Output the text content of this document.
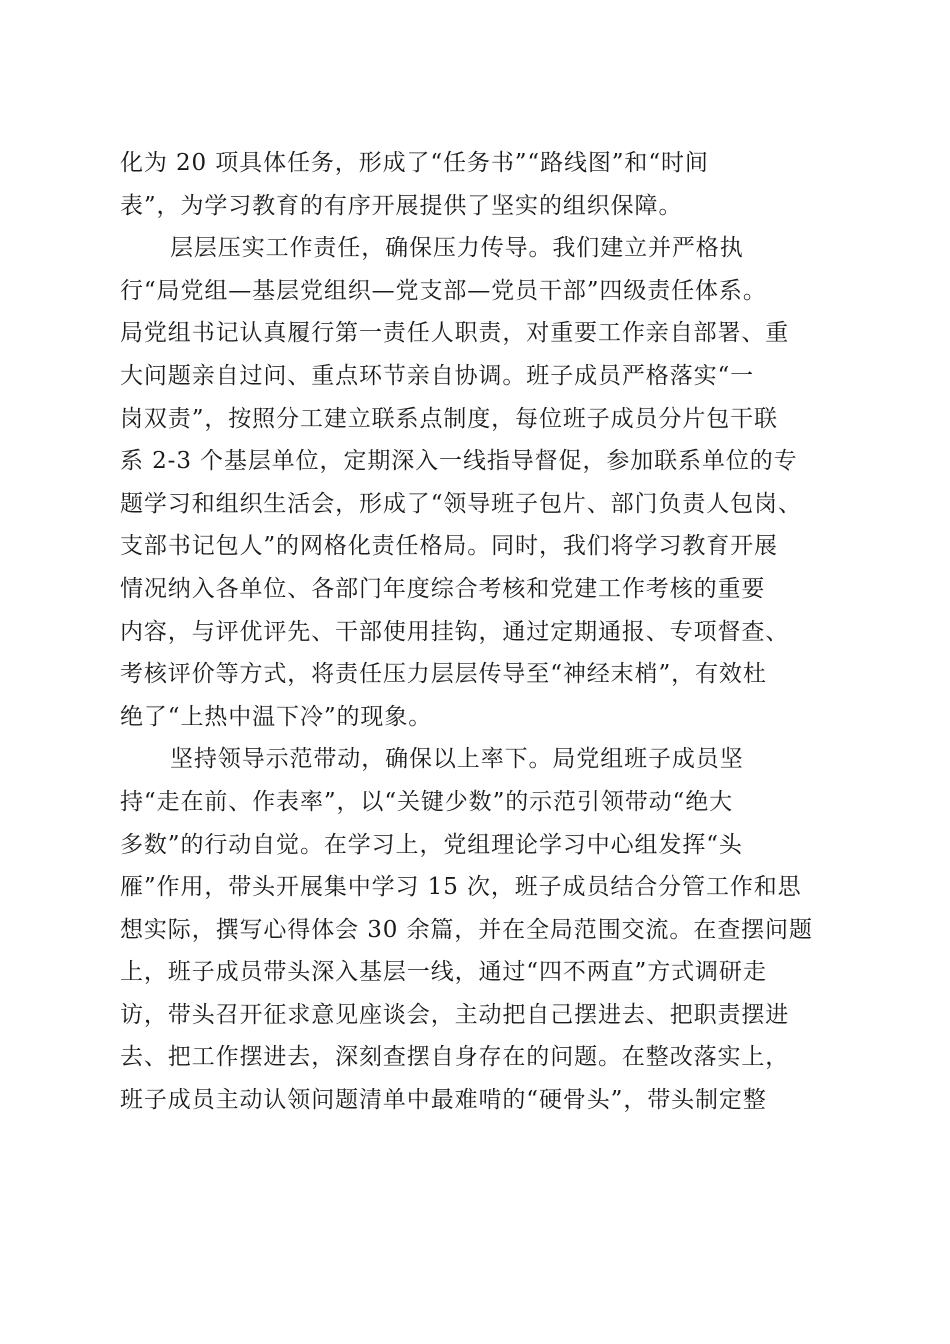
化为 20 项具体任务，形成了“任务书”“路线图”和“时间
表”，为学习教育的有序开展提供了坚实的组织保障。
层层压实工作责任，确保压力传导。我们建立并严格执
行“局党组—基层党组织—党支部—党员干部”四级责任体系。
局党组书记认真履行第一责任人职责，对重要工作亲自部署、重
大问题亲自过问、重点环节亲自协调。班子成员严格落实“一
岗双责”，按照分工建立联系点制度，每位班子成员分片包干联
系 2-3 个基层单位，定期深入一线指导督促，参加联系单位的专
题学习和组织生活会，形成了“领导班子包片、部门负责人包岗、
支部书记包人”的网格化责任格局。同时，我们将学习教育开展
情况纳入各单位、各部门年度综合考核和党建工作考核的重要
内容，与评优评先、干部使用挂钩，通过定期通报、专项督查、
考核评价等方式，将责任压力层层传导至“神经末梢”，有效杜
绝了“上热中温下冷”的现象。
坚持领导示范带动，确保以上率下。局党组班子成员坚
持“走在前、作表率”，以“关键少数”的示范引领带动“绝大
多数”的行动自觉。在学习上，党组理论学习中心组发挥“头
雁”作用，带头开展集中学习 15 次，班子成员结合分管工作和思
想实际，撰写心得体会 30 余篇，并在全局范围交流。在查摆问题
上，班子成员带头深入基层一线，通过“四不两直”方式调研走
访，带头召开征求意见座谈会，主动把自己摆进去、把职责摆进
去、把工作摆进去，深刻查摆自身存在的问题。在整改落实上，
班子成员主动认领问题清单中最难啃的“硬骨头”，带头制定整
